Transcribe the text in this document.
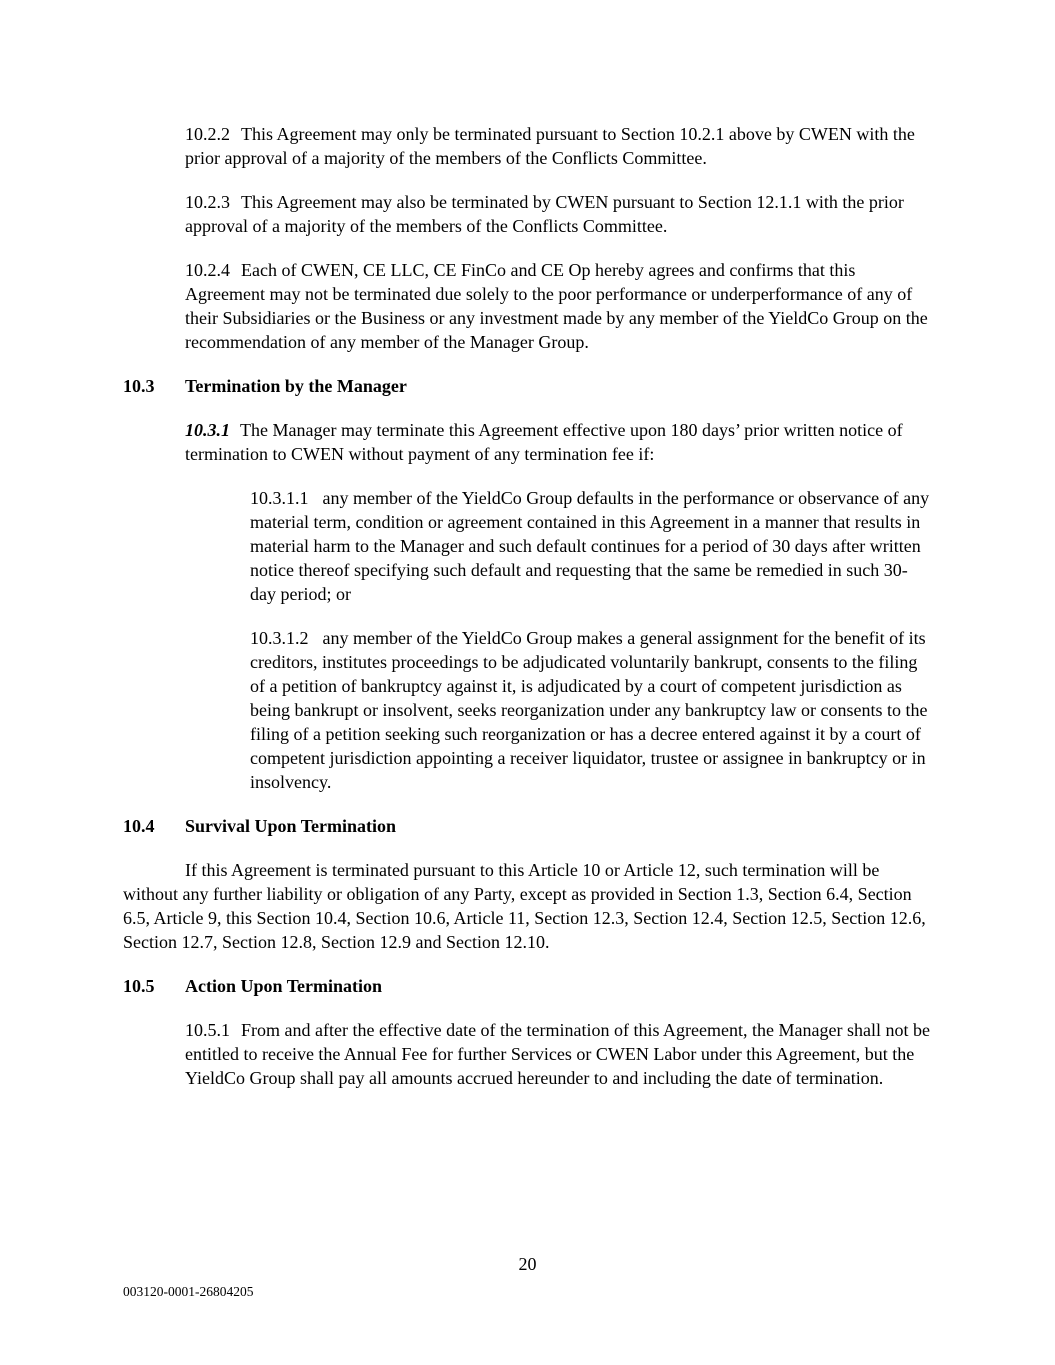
10.2.2 This Agreement may only be terminated pursuant to Section 10.2.1 above by CWEN with the prior approval of a majority of the members of the Conflicts Committee.

10.2.3 This Agreement may also be terminated by CWEN pursuant to Section 12.1.1 with the prior approval of a majority of the members of the Conflicts Committee.

10.2.4 Each of CWEN, CE LLC, CE FinCo and CE Op hereby agrees and confirms that this Agreement may not be terminated due solely to the poor performance or underperformance of any of their Subsidiaries or the Business or any investment made by any member of the YieldCo Group on the recommendation of any member of the Manager Group.

10.3 Termination by the Manager

10.3.1 The Manager may terminate this Agreement effective upon 180 days’ prior written notice of termination to CWEN without payment of any termination fee if:

10.3.1.1 any member of the YieldCo Group defaults in the performance or observance of any material term, condition or agreement contained in this Agreement in a manner that results in material harm to the Manager and such default continues for a period of 30 days after written notice thereof specifying such default and requesting that the same be remedied in such 30-day period; or

10.3.1.2 any member of the YieldCo Group makes a general assignment for the benefit of its creditors, institutes proceedings to be adjudicated voluntarily bankrupt, consents to the filing of a petition of bankruptcy against it, is adjudicated by a court of competent jurisdiction as being bankrupt or insolvent, seeks reorganization under any bankruptcy law or consents to the filing of a petition seeking such reorganization or has a decree entered against it by a court of competent jurisdiction appointing a receiver liquidator, trustee or assignee in bankruptcy or in insolvency.

10.4 Survival Upon Termination

If this Agreement is terminated pursuant to this Article 10 or Article 12, such termination will be without any further liability or obligation of any Party, except as provided in Section 1.3, Section 6.4, Section 6.5, Article 9, this Section 10.4, Section 10.6, Article 11, Section 12.3, Section 12.4, Section 12.5, Section 12.6, Section 12.7, Section 12.8, Section 12.9 and Section 12.10.

10.5 Action Upon Termination

10.5.1 From and after the effective date of the termination of this Agreement, the Manager shall not be entitled to receive the Annual Fee for further Services or CWEN Labor under this Agreement, but the YieldCo Group shall pay all amounts accrued hereunder to and including the date of termination.

20
003120-0001-26804205
